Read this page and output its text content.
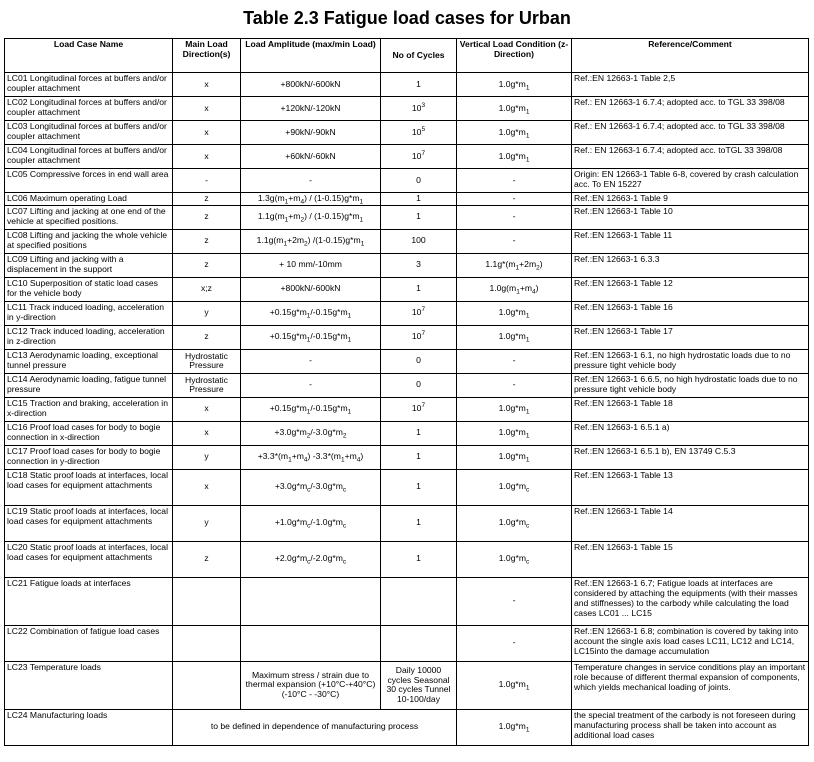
Table 2.3 Fatigue load cases for Urban
Load Case Name	Main Load Direction(s)	Load Amplitude (max/min Load)	No of Cycles	Vertical Load Condition (z-Direction)	Reference/Comment
LC01 Longitudinal forces at buffers and/or coupler attachment	x	+800kN/-600kN	1	$1.0g*m_1$	Ref.:EN 12663-1 Table 2,5
LC02 Longitudinal forces at buffers and/or coupler attachment	x	+120kN/-120kN	$10^3$	$1.0g*m_1$	Ref.: EN 12663-1 6.7.4; adopted acc. to TGL 33 398/08
LC03 Longitudinal forces at buffers and/or coupler attachment	x	+90kN/-90kN	$10^5$	$1.0g*m_1$	Ref.: EN 12663-1 6.7.4; adopted acc. to TGL 33 398/08
LC04 Longitudinal forces at buffers and/or coupler attachment	x	+60kN/-60kN	$10^7$	$1.0g*m_1$	Ref.: EN 12663-1 6.7.4; adopted acc. toTGL 33 398/08
LC05 Compressive forces in end wall area	-	-	0	-	Origin: EN 12663-1 Table 6-8, covered by crash calculation acc. To EN 15227
LC06 Maximum operating Load	z	$1.3g(m_1+m_4) / (1-0.15)g*m_1$	1	-	Ref.:EN 12663-1 Table 9
LC07 Lifting and jacking at one end of the vehicle at specified positions.	z	$1.1g(m_1+m_2) / (1-0.15)g*m_1$	1	-	Ref.:EN 12663-1 Table 10
LC08 Lifting and jacking the whole vehicle at specified positions	z	$1.1g(m_1+2m_2)$ $/(1-0.15)g*m_1$	100	-	Ref.:EN 12663-1 Table 11
LC09 Lifting and jacking with a displacement in the support	z	+ 10 mm/-10mm	3	$1.1g*(m_1+2m_2)$	Ref.:EN 12663-1 6.3.3
LC10 Superposition of static load cases for the vehicle body	x;z	+800kN/-600kN	1	$1.0g(m_1+m_4)$	Ref.:EN 12663-1 Table 12
LC11 Track induced loading, acceleration in y-direction	y	$+0.15g*m_1/-0.15g*m_1$	$10^7$	$1.0g*m_1$	Ref.:EN 12663-1 Table 16
LC12 Track induced loading, acceleration in z-direction	z	$+0.15g*m_1/-0.15g*m_1$	$10^7$	$1.0g*m_1$	Ref.:EN 12663-1 Table 17
LC13 Aerodynamic loading, exceptional tunnel pressure	Hydrostatic Pressure	-	0	-	Ref.:EN 12663-1 6.1, no high hydrostatic loads due to no pressure tight vehicle body
LC14 Aerodynamic loading, fatigue tunnel pressure	Hydrostatic Pressure	-	0	-	Ref.:EN 12663-1 6.6.5, no high hydrostatic loads due to no pressure tight vehicle body
LC15 Traction and braking, acceleration in x-direction	x	$+0.15g*m_1/-0.15g*m_1$	$10^7$	$1.0g*m_1$	Ref.:EN 12663-1 Table 18
LC16 Proof load cases for body to bogie connection in x-direction	x	$+3.0g*m_2/-3.0g*m_2$	1	$1.0g*m_1$	Ref.:EN 12663-1 6.5.1 a)
LC17 Proof load cases for body to bogie connection in y-direction	y	$+3.3*(m_1+m_4)$ $-3.3*(m_1+m_4)$	1	$1.0g*m_1$	Ref.:EN 12663-1 6.5.1 b), EN 13749 C.5.3
LC18 Static proof loads at interfaces, local load cases for equipment attachments	x	$+3.0g*m_c/-3.0g*m_c$	1	$1.0g*m_c$	Ref.:EN 12663-1 Table 13
LC19 Static proof loads at interfaces, local load cases for equipment attachments	y	$+1.0g*m_c/-1.0g*m_c$	1	$1.0g*m_c$	Ref.:EN 12663-1 Table 14
LC20 Static proof loads at interfaces, local load cases for equipment attachments	z	$+2.0g*m_c/-2.0g*m_c$	1	$1.0g*m_c$	Ref.:EN 12663-1 Table 15
LC21 Fatigue loads at interfaces				-	Ref.:EN 12663-1 6.7; Fatigue loads at interfaces are considered by attaching the equipments (with their masses and stiffnesses) to the carbody while calculating the load cases LC01 ... LC15
LC22 Combination of fatigue load cases				-	Ref.:EN 12663-1 6.8; combination is covered by taking into account the single axis load cases LC11, LC12 and LC14, LC15into the damage accumulation
LC23 Temperature loads		Maximum stress / strain due to thermal expansion (+10°C-+40°C)(-10°C - -30°C)	Daily 10000 cycles Seasonal 30 cycles Tunnel 10-100/day	$1.0g*m_1$	Temperature changes in service conditions play an important role because of different thermal expansion of components, which yields mechanical loading of joints.
LC24 Manufacturing loads	to be defined in dependence of manufacturing process			$1.0g*m_1$	the special treatment of the carbody is not foreseen during manufacturing process shall be taken into account as additional load cases
